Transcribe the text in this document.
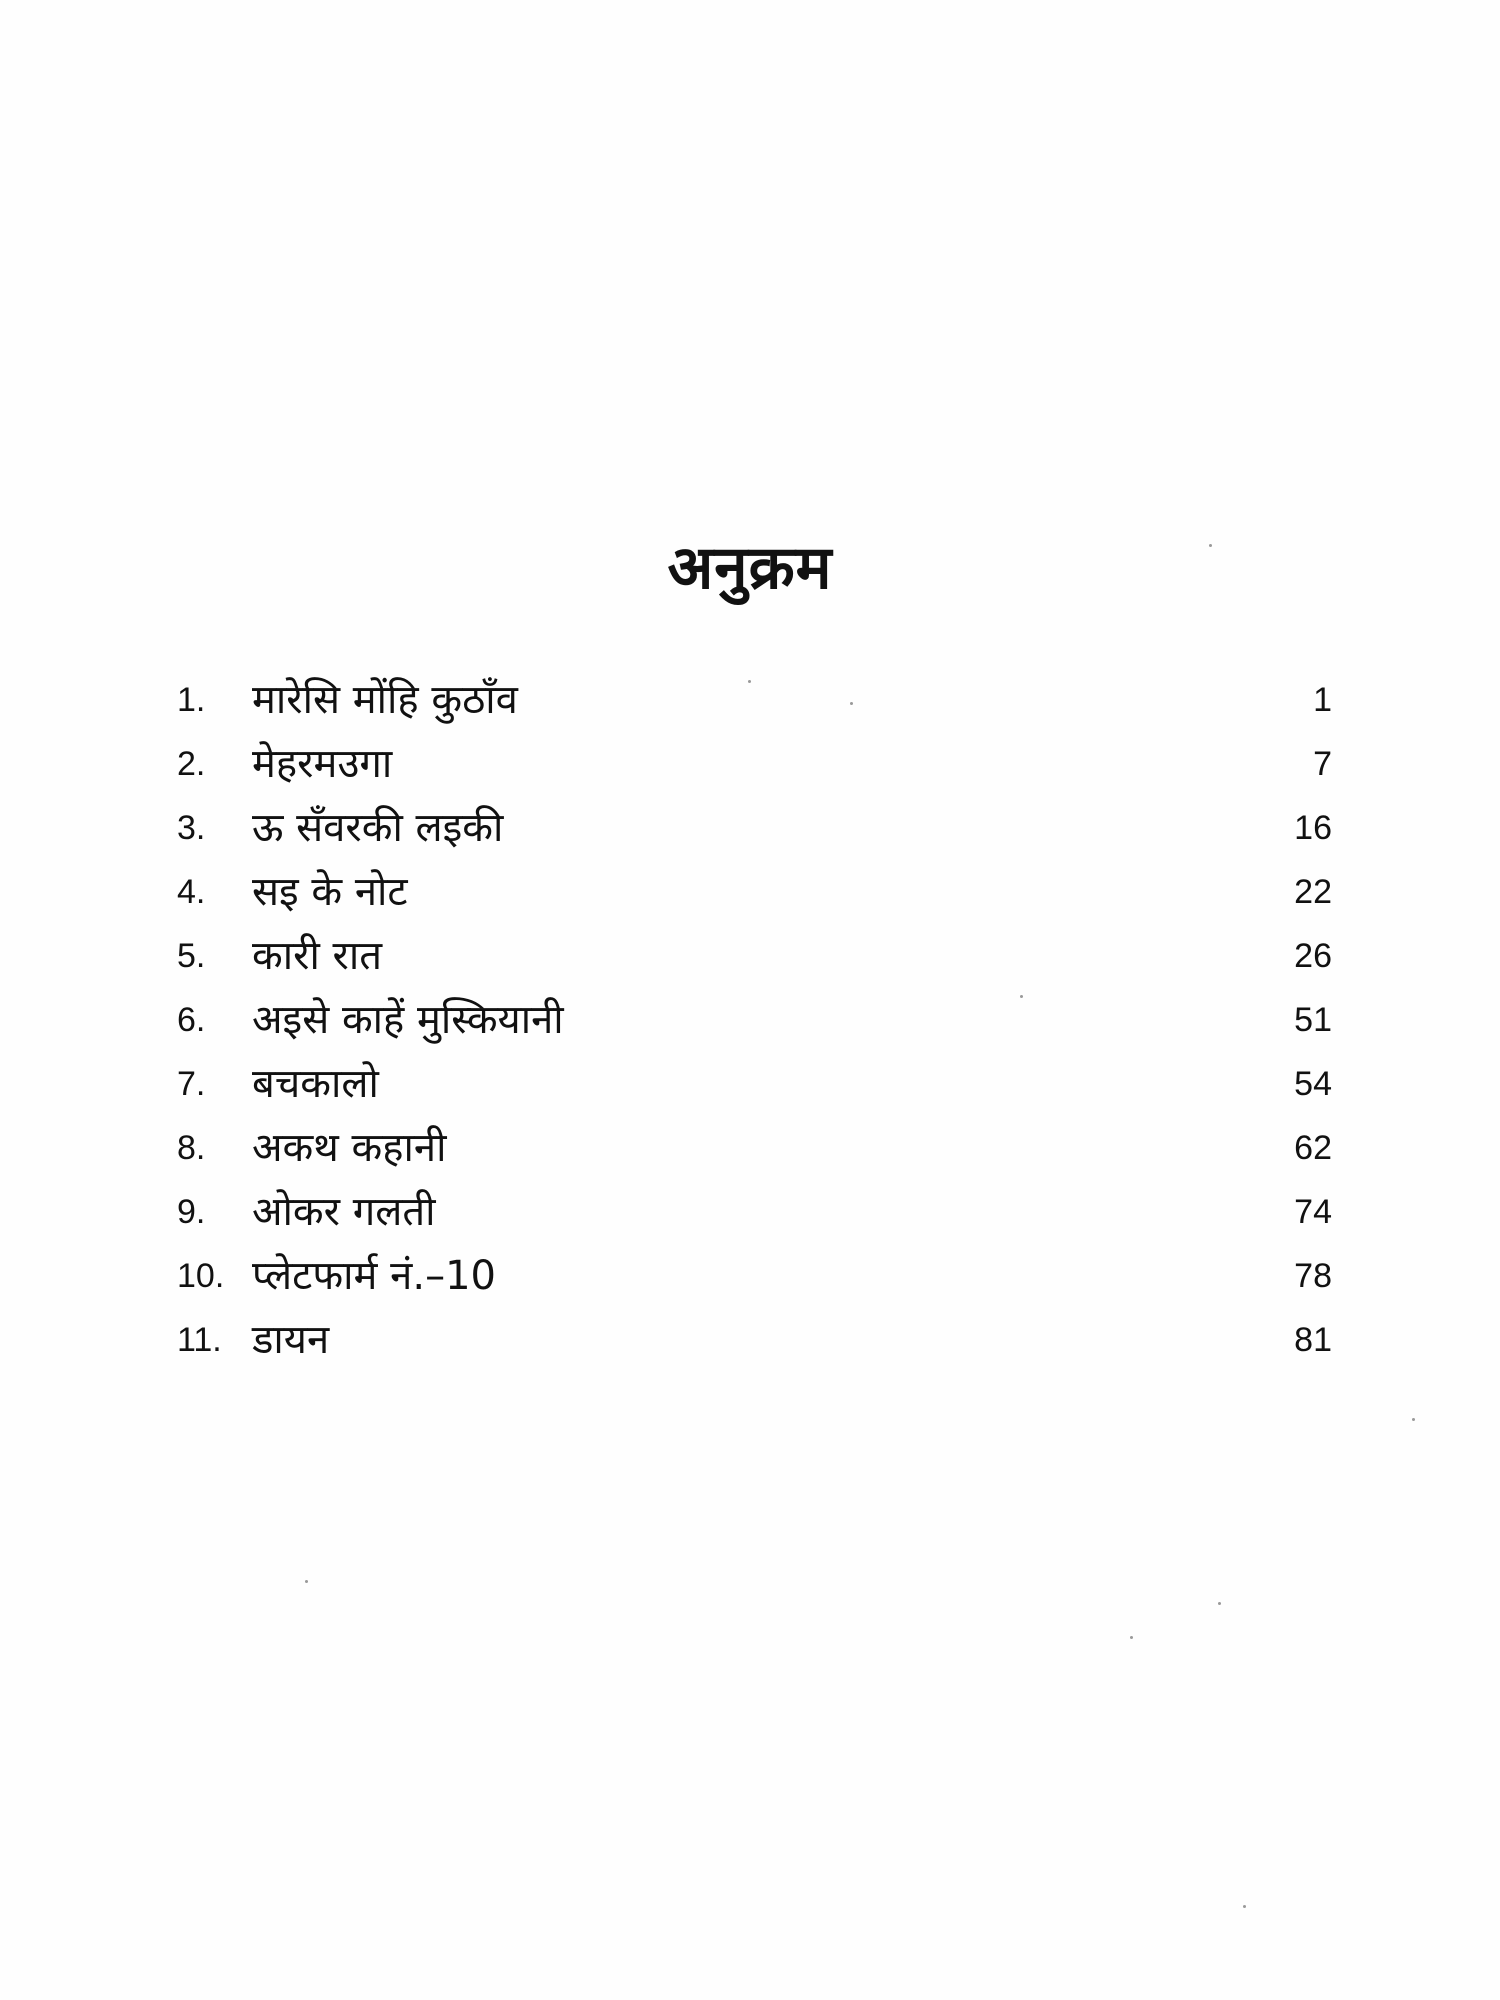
अनुक्रम
1. मारेसि मोंहि कुठाँव	1
2. मेहरमउगा	7
3. ऊ सँवरकी लइकी	16
4. सइ के नोट	22
5. कारी रात	26
6. अइसे काहें मुस्कियानी	51
7. बचकालो	54
8. अकथ कहानी	62
9. ओकर गलती	74
10. प्लेटफार्म नं.–10	78
11. डायन	81
